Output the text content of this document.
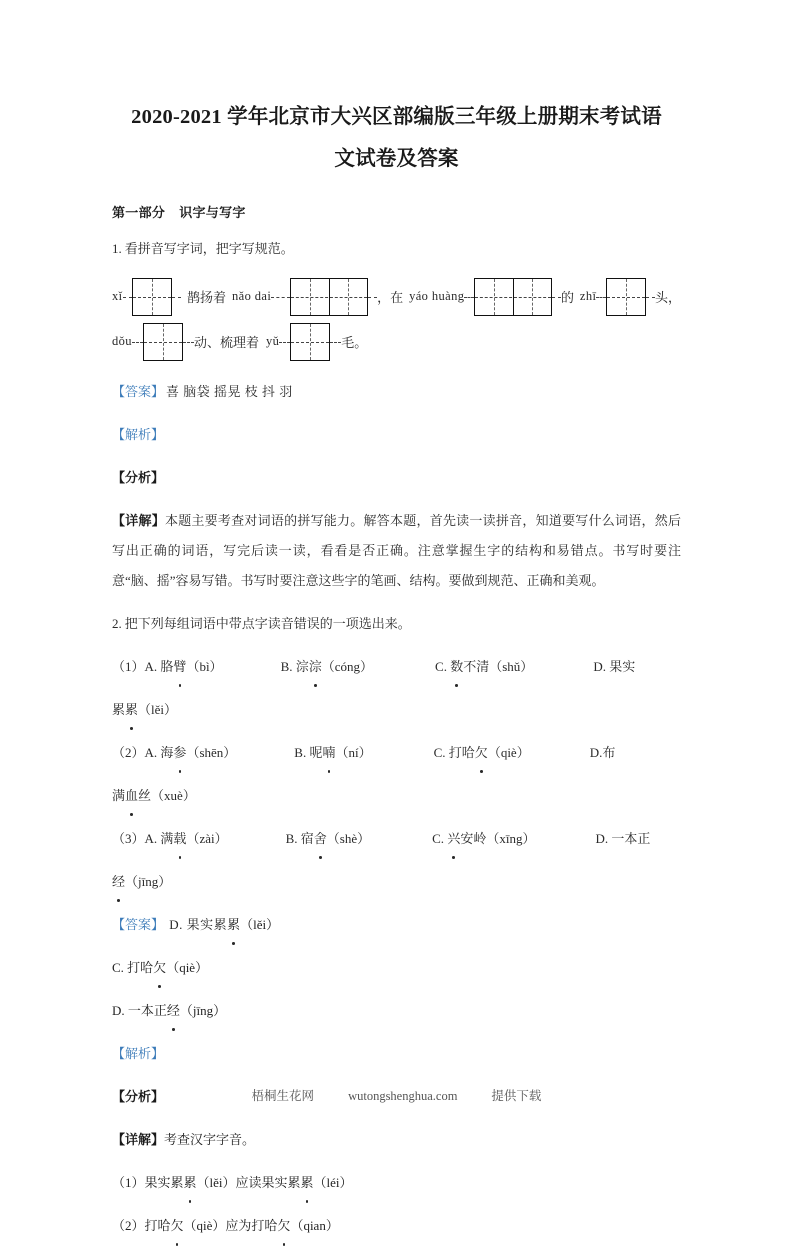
2020-2021 学年北京市大兴区部编版三年级上册期末考试语
文试卷及答案
第一部分 识字与写字

1. 看拼音写字词，把字写规范。

xǐ	鹊扬着 nǎo dai	，在 yáo huàng	的 zhī	头，
dǒu	动、梳理着 yǔ	毛。

【答案】 喜 脑袋 摇晃 枝 抖 羽

【解析】

【分析】

【详解】本题主要考查对词语的拼写能力。解答本题，首先读一读拼音，知道要写什么词语，然后写出正确的词语，写完后读一读，看看是否正确。注意掌握生字的结构和易错点。书写时要注意“脑、摇”容易写错。书写时要注意这些字的笔画、结构。要做到规范、正确和美观。

2. 把下列每组词语中带点字读音错误的一项选出来。

（1）A. 胳臂（bì）	B. 淙淙（cóng）	C. 数不清（shǔ）	D. 果实

累累（lěi）

（2）A. 海参（shēn）	B. 呢喃（ní）	C. 打哈欠（qiè）	D.布

满血丝（xuè）

（3）A. 满载（zài）	B. 宿舍（shè）	C. 兴安岭（xīng）	D. 一本正

经（jīng）

【答案】 D. 果实累累（lěi）

C. 打哈欠（qiè）

D. 一本正经（jīng）

【解析】

【分析】

【详解】考查汉字字音。

（1）果实累累（lěi）应读果实累累（léi）

（2）打哈欠（qiè）应为打哈欠（qian）

梧桐生花网	wutongshenghua.com	提供下载
